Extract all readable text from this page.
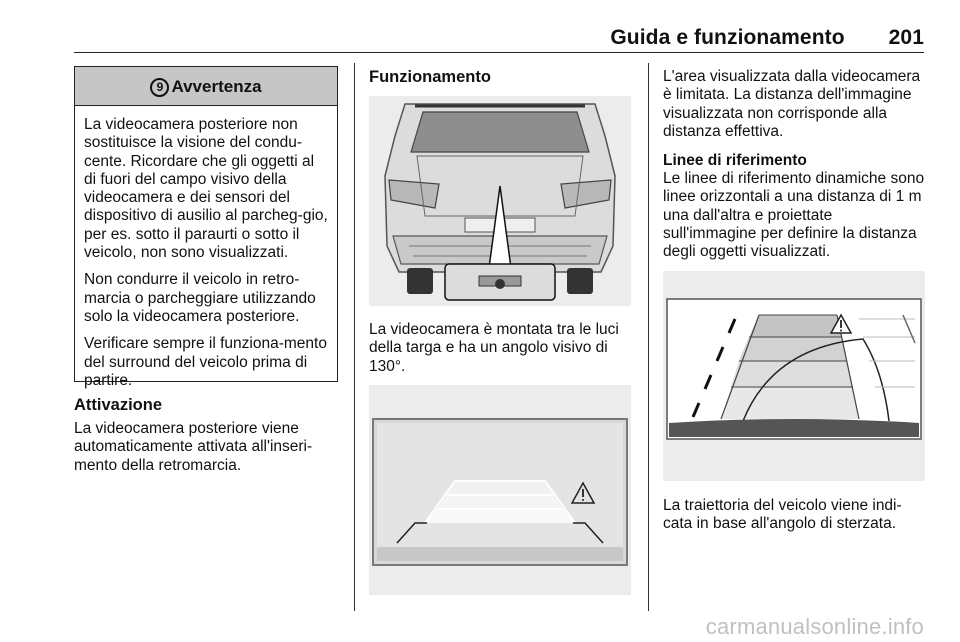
Guida e funzionamento 201
9 Avvertenza

La videocamera posteriore non sostituisce la visione del condu-cente. Ricordare che gli oggetti al di fuori del campo visivo della videocamera e dei sensori del dispositivo di ausilio al parcheg-gio, per es. sotto il paraurti o sotto il veicolo, non sono visualizzati.

Non condurre il veicolo in retro-marcia o parcheggiare utilizzando solo la videocamera posteriore.

Verificare sempre il funziona-mento del surround del veicolo prima di partire.

Attivazione

La videocamera posteriore viene automaticamente attivata all'inseri-mento della retromarcia.

Funzionamento

La videocamera è montata tra le luci della targa e ha un angolo visivo di 130°.

L'area visualizzata dalla videocamera è limitata. La distanza dell'immagine visualizzata non corrisponde alla distanza effettiva.

Linee di riferimento

Le linee di riferimento dinamiche sono linee orizzontali a una distanza di 1 m una dall'altra e proiettate sull'immagine per definire la distanza degli oggetti visualizzati.

La traiettoria del veicolo viene indi-cata in base all'angolo di sterzata.

carmanualsonline.info
